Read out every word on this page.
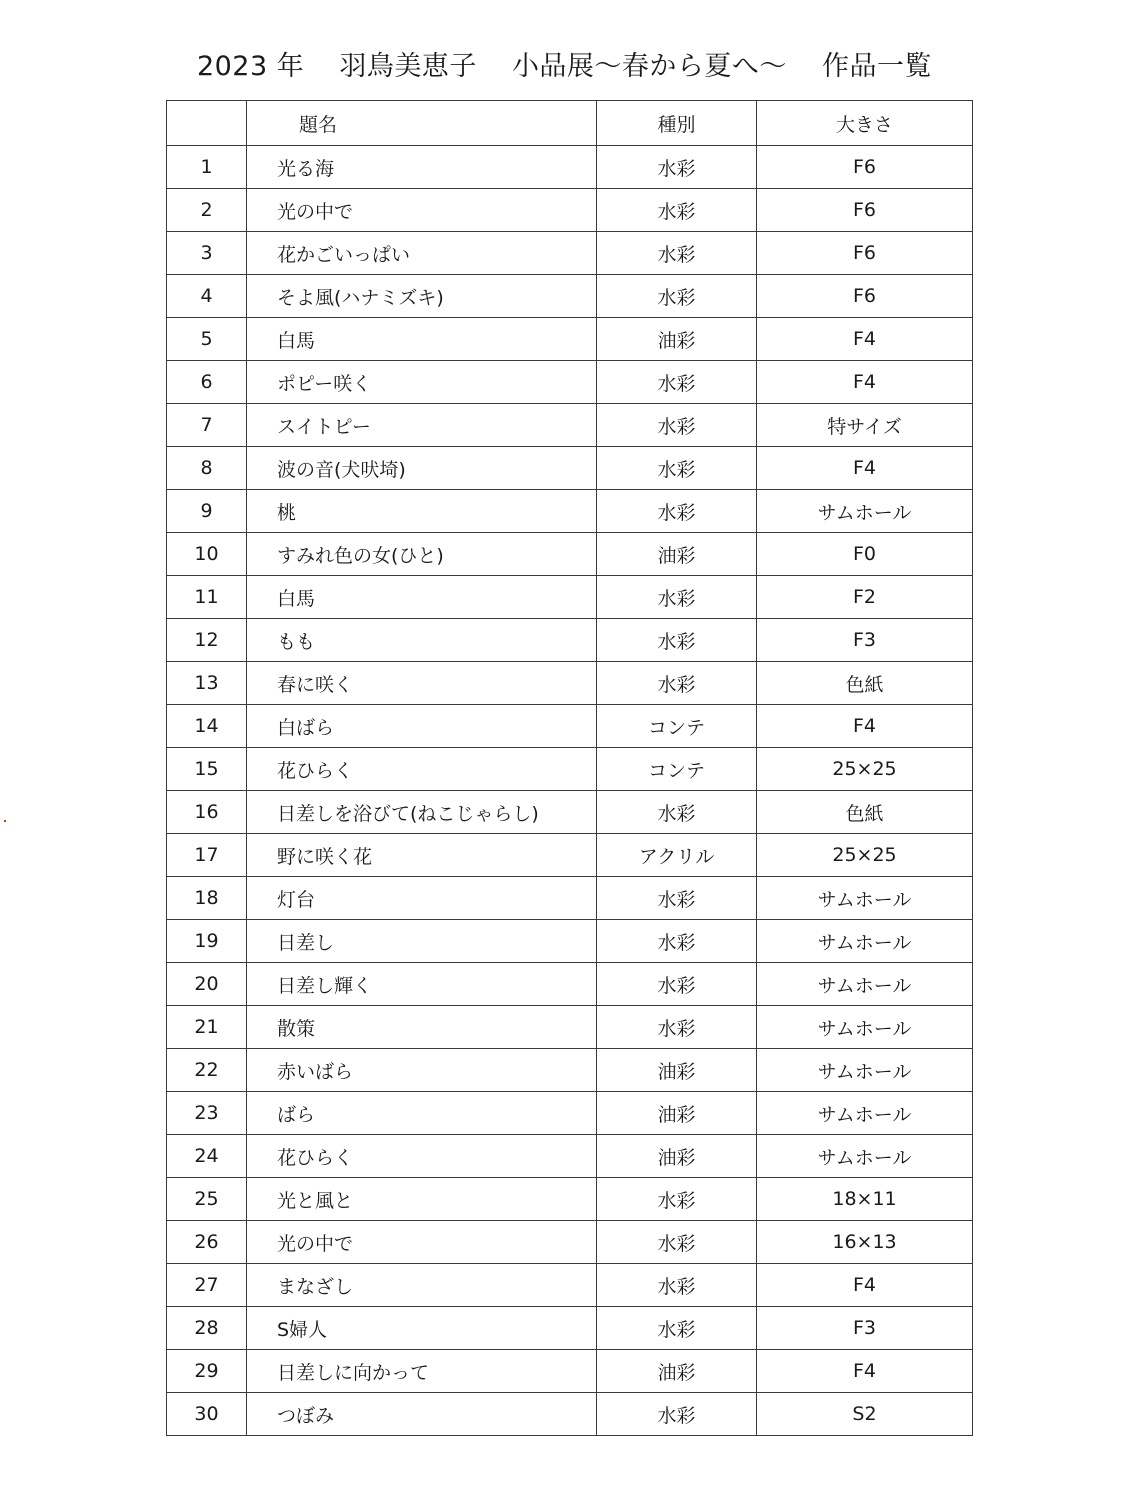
2023 年 羽鳥美恵子 小品展～春から夏へ～ 作品一覧
	題名	種別	大きさ
1	光る海	水彩	F6
2	光の中で	水彩	F6
3	花かごいっぱい	水彩	F6
4	そよ風(ハナミズキ)	水彩	F6
5	白馬	油彩	F4
6	ポピー咲く	水彩	F4
7	スイトピー	水彩	特サイズ
8	波の音(犬吠埼)	水彩	F4
9	桃	水彩	サムホール
10	すみれ色の女(ひと)	油彩	F0
11	白馬	水彩	F2
12	もも	水彩	F3
13	春に咲く	水彩	色紙
14	白ばら	コンテ	F4
15	花ひらく	コンテ	25×25
16	日差しを浴びて(ねこじゃらし)	水彩	色紙
17	野に咲く花	アクリル	25×25
18	灯台	水彩	サムホール
19	日差し	水彩	サムホール
20	日差し輝く	水彩	サムホール
21	散策	水彩	サムホール
22	赤いばら	油彩	サムホール
23	ばら	油彩	サムホール
24	花ひらく	油彩	サムホール
25	光と風と	水彩	18×11
26	光の中で	水彩	16×13
27	まなざし	水彩	F4
28	S婦人	水彩	F3
29	日差しに向かって	油彩	F4
30	つぼみ	水彩	S2
